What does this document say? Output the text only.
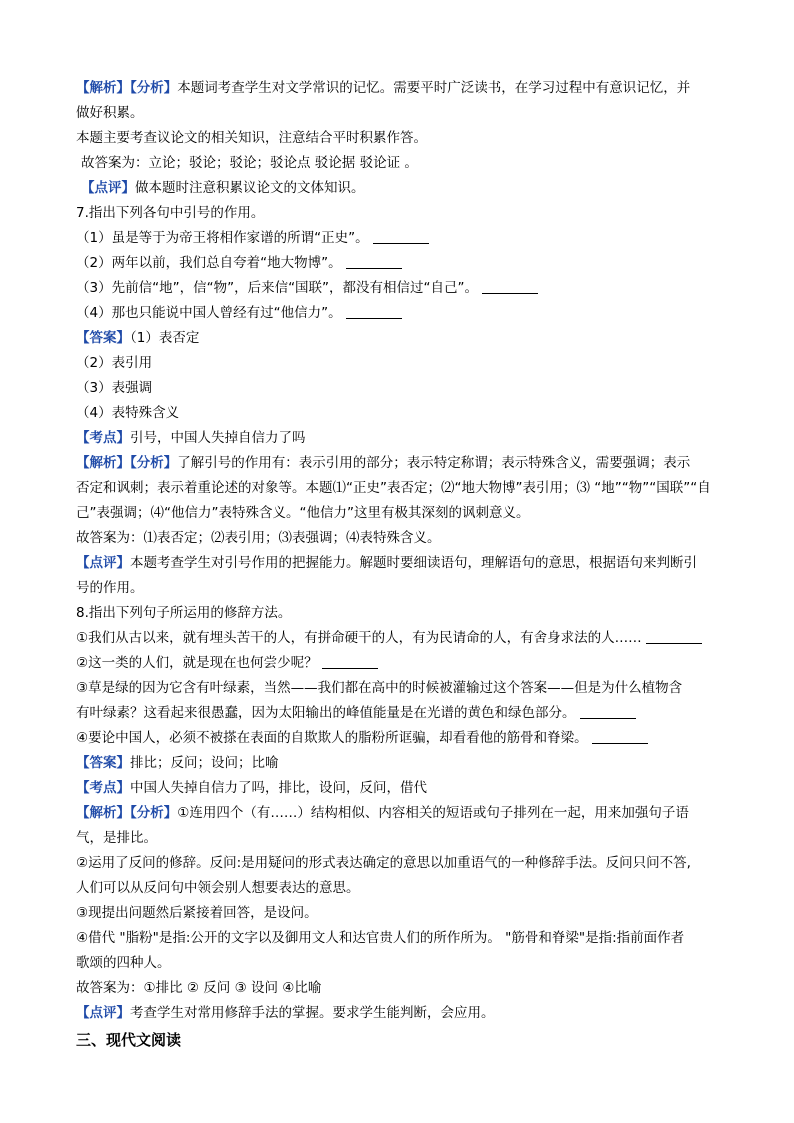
【解析】【分析】本题词考查学生对文学常识的记忆。需要平时广泛读书，在学习过程中有意识记忆，并
做好积累。
本题主要考查议论文的相关知识，注意结合平时积累作答。
故答案为：立论；驳论；驳论；驳论点 驳论据 驳论证 。
【点评】做本题时注意积累议论文的文体知识。
7.指出下列各句中引号的作用。
（1）虽是等于为帝王将相作家谱的所谓“正史”。
（2）两年以前，我们总自夸着“地大物博”。
（3）先前信“地”，信“物”，后来信“国联”，都没有相信过“自己”。
（4）那也只能说中国人曾经有过“他信力”。
【答案】（1）表否定
（2）表引用
（3）表强调
（4）表特殊含义
【考点】引号，中国人失掉自信力了吗
【解析】【分析】了解引号的作用有：表示引用的部分；表示特定称谓；表示特殊含义，需要强调；表示
否定和讽刺；表示着重论述的对象等。本题⑴“正史”表否定；⑵“地大物博”表引用；⑶ “地”“物”“国联”“自
己”表强调；⑷“他信力”表特殊含义。“他信力”这里有极其深刻的讽刺意义。
故答案为：⑴表否定；⑵表引用；⑶表强调；⑷表特殊含义。
【点评】本题考查学生对引号作用的把握能力。解题时要细读语句，理解语句的意思，根据语句来判断引
号的作用。
8.指出下列句子所运用的修辞方法。
①我们从古以来，就有埋头苦干的人，有拼命硬干的人，有为民请命的人，有舍身求法的人……
②这一类的人们，就是现在也何尝少呢？
③草是绿的因为它含有叶绿素，当然——我们都在高中的时候被灌输过这个答案——但是为什么植物含
有叶绿素？这看起来很愚蠢，因为太阳输出的峰值能量是在光谱的黄色和绿色部分。
④要论中国人，必须不被搽在表面的自欺欺人的脂粉所诓骗，却看看他的筋骨和脊梁。
【答案】排比；反问；设问；比喻
【考点】中国人失掉自信力了吗，排比，设问，反问，借代
【解析】【分析】①连用四个（有……）结构相似、内容相关的短语或句子排列在一起，用来加强句子语
气，是排比。
②运用了反问的修辞。反问:是用疑问的形式表达确定的意思以加重语气的一种修辞手法。反问只问不答,
人们可以从反问句中领会别人想要表达的意思。
③现提出问题然后紧接着回答，是设问。
④借代 "脂粉"是指:公开的文字以及御用文人和达官贵人们的所作所为。 "筋骨和脊梁"是指:指前面作者
歌颂的四种人。
故答案为：①排比 ② 反问 ③ 设问 ④比喻
【点评】考查学生对常用修辞手法的掌握。要求学生能判断，会应用。
三、现代文阅读
